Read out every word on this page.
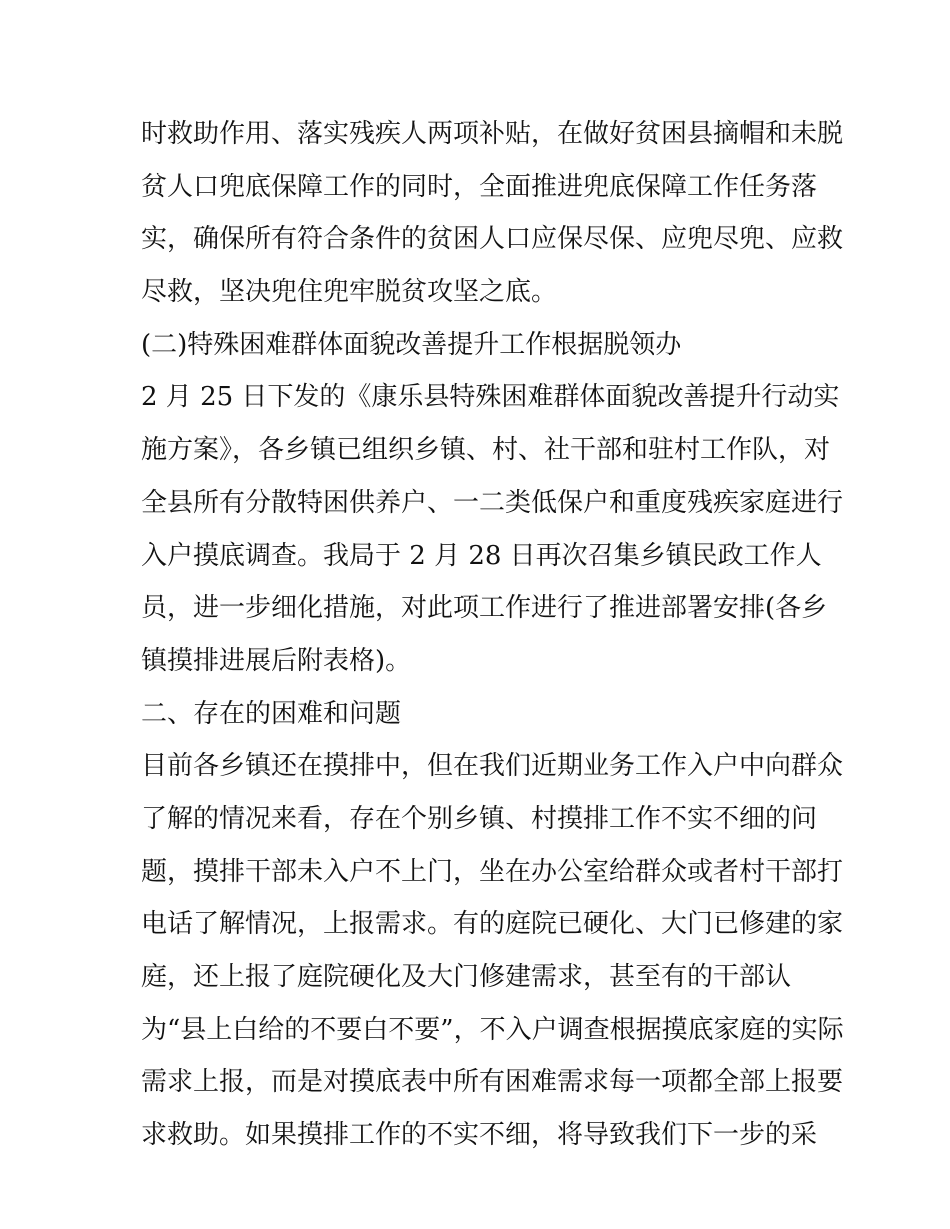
时救助作用、落实残疾人两项补贴，在做好贫困县摘帽和未脱
贫人口兜底保障工作的同时，全面推进兜底保障工作任务落
实，确保所有符合条件的贫困人口应保尽保、应兜尽兜、应救
尽救，坚决兜住兜牢脱贫攻坚之底。
(二)特殊困难群体面貌改善提升工作根据脱领办
2 月 25 日下发的《康乐县特殊困难群体面貌改善提升行动实
施方案》，各乡镇已组织乡镇、村、社干部和驻村工作队，对
全县所有分散特困供养户、一二类低保户和重度残疾家庭进行
入户摸底调查。我局于 2 月 28 日再次召集乡镇民政工作人
员，进一步细化措施，对此项工作进行了推进部署安排(各乡
镇摸排进展后附表格)。
二、存在的困难和问题
目前各乡镇还在摸排中，但在我们近期业务工作入户中向群众
了解的情况来看，存在个别乡镇、村摸排工作不实不细的问
题，摸排干部未入户不上门，坐在办公室给群众或者村干部打
电话了解情况，上报需求。有的庭院已硬化、大门已修建的家
庭，还上报了庭院硬化及大门修建需求，甚至有的干部认
为“县上白给的不要白不要”，不入户调查根据摸底家庭的实际
需求上报，而是对摸底表中所有困难需求每一项都全部上报要
求救助。如果摸排工作的不实不细，将导致我们下一步的采
